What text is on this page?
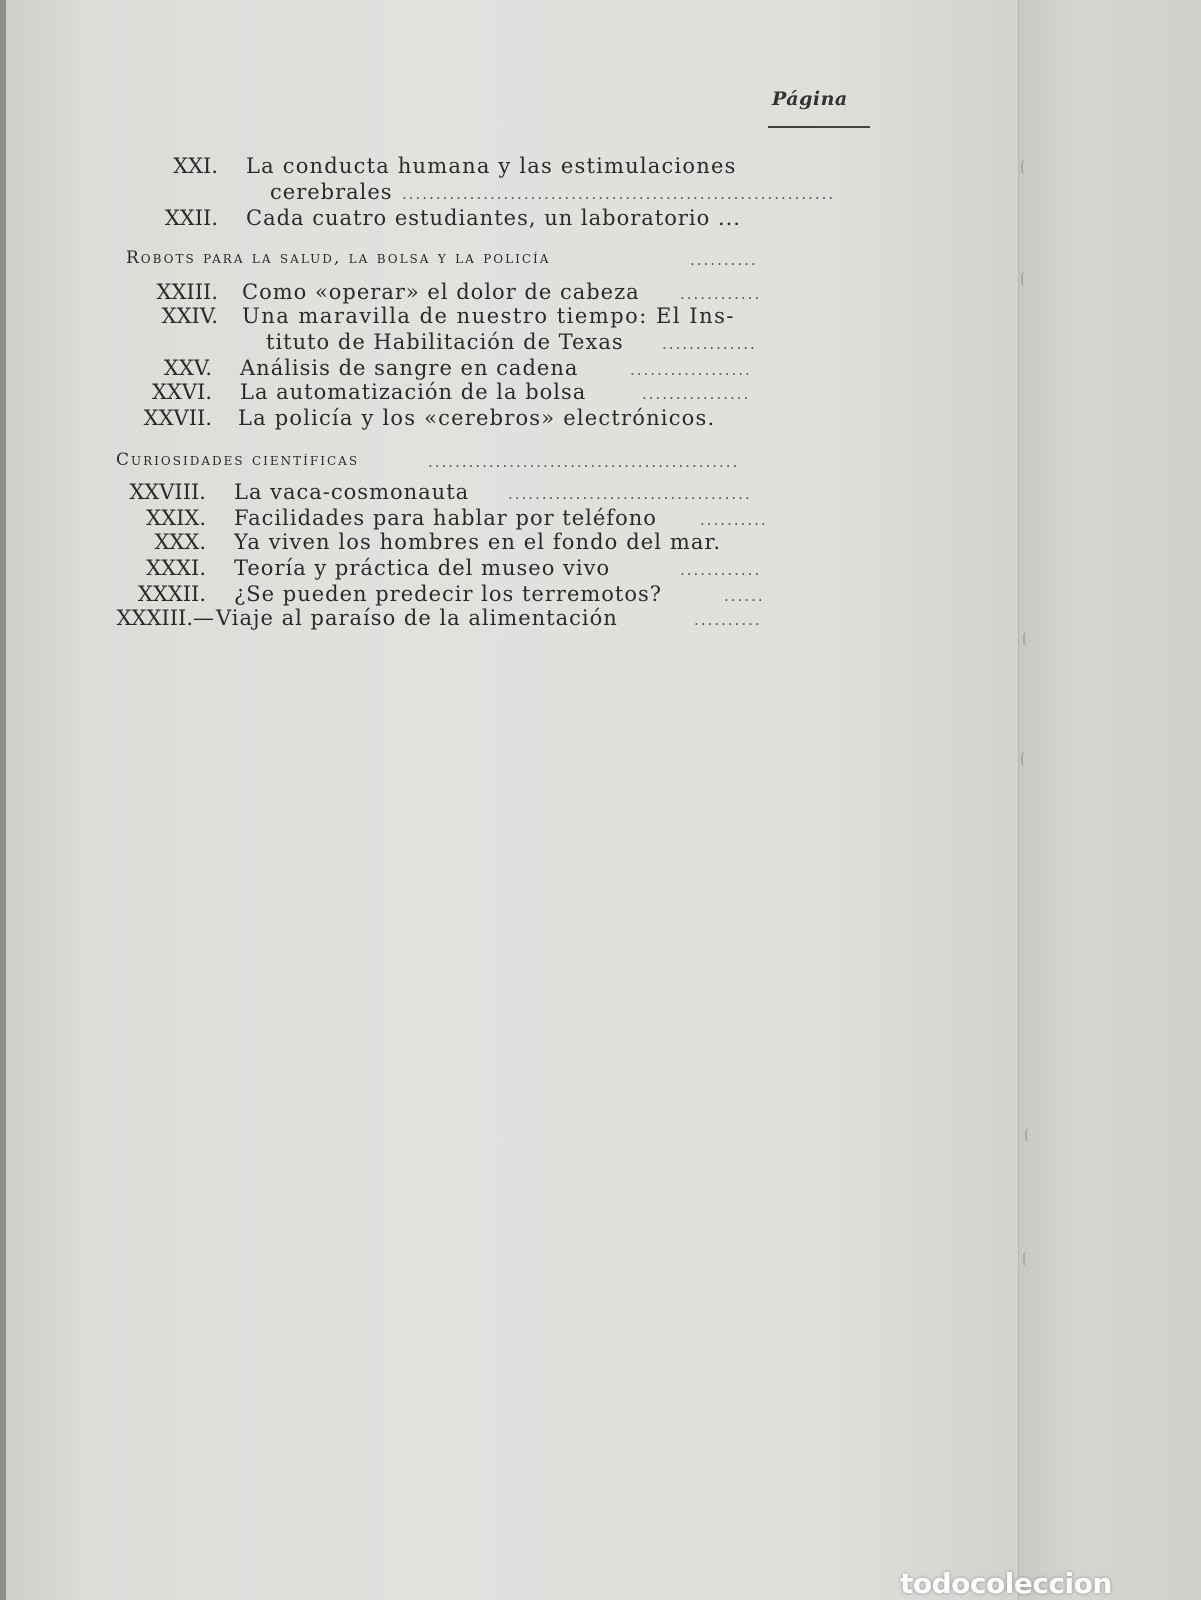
Página
XXI. La conducta humana y las estimulaciones
cerebrales ................................................................
XXII. Cada cuatro estudiantes, un laboratorio ...
Robots para la salud, la bolsa y la policía	..........
XXIII. Como «operar» el dolor de cabeza	............
XXIV. Una maravilla de nuestro tiempo: El Ins-
tituto de Habilitación de Texas	..............
XXV. Análisis de sangre en cadena	..................
XXVI. La automatización de la bolsa	................
XXVII. La policía y los «cerebros» electrónicos.
Curiosidades científicas	..............................................
XXVIII. La vaca-cosmonauta	....................................
XXIX. Facilidades para hablar por teléfono	..........
XXX. Ya viven los hombres en el fondo del mar.
XXXI. Teoría y práctica del museo vivo	............
XXXII. ¿Se pueden predecir los terremotos?	......
XXXIII.— Viaje al paraíso de la alimentación	..........
todocoleccion
